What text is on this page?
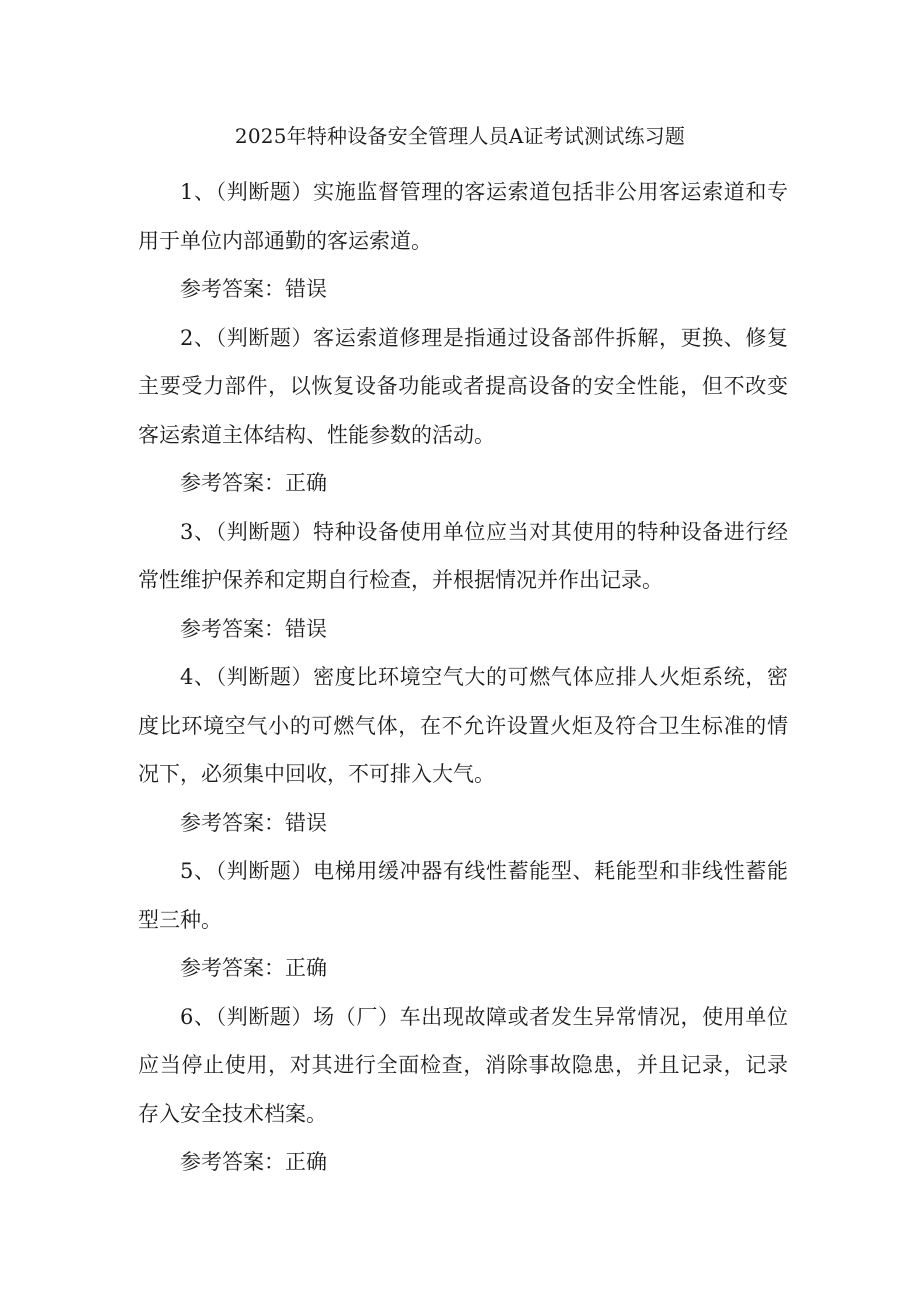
2025年特种设备安全管理人员A证考试测试练习题

1、（判断题）实施监督管理的客运索道包括非公用客运索道和专用于单位内部通勤的客运索道。

参考答案：错误

2、（判断题）客运索道修理是指通过设备部件拆解，更换、修复主要受力部件，以恢复设备功能或者提高设备的安全性能，但不改变客运索道主体结构、性能参数的活动。

参考答案：正确

3、（判断题）特种设备使用单位应当对其使用的特种设备进行经常性维护保养和定期自行检查，并根据情况并作出记录。

参考答案：错误

4、（判断题）密度比环境空气大的可燃气体应排人火炬系统，密度比环境空气小的可燃气体，在不允许设置火炬及符合卫生标准的情况下，必须集中回收，不可排入大气。

参考答案：错误

5、（判断题）电梯用缓冲器有线性蓄能型、耗能型和非线性蓄能型三种。

参考答案：正确

6、（判断题）场（厂）车出现故障或者发生异常情况，使用单位应当停止使用，对其进行全面检查，消除事故隐患，并且记录，记录存入安全技术档案。

参考答案：正确
